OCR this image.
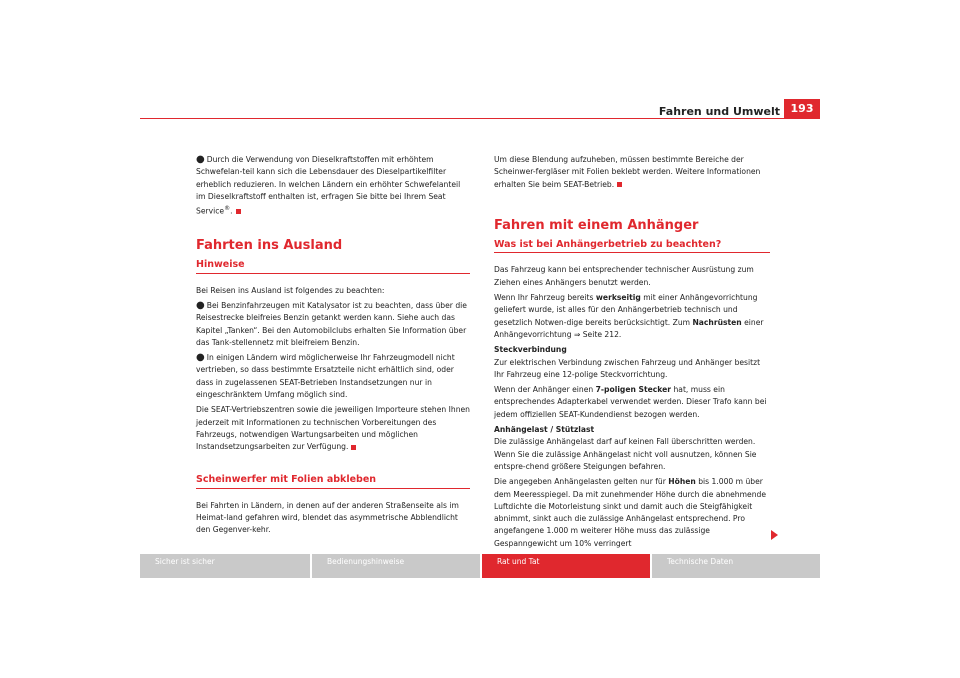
Fahren und Umwelt 193

● Durch die Verwendung von Dieselkraftstoffen mit erhöhtem Schwefelan-teil kann sich die Lebensdauer des Dieselpartikelfilter erheblich reduzieren. In welchen Ländern ein erhöhter Schwefelanteil im Dieselkraftstoff enthalten ist, erfragen Sie bitte bei Ihrem Seat Service®.

Fahrten ins Ausland
Hinweise

Bei Reisen ins Ausland ist folgendes zu beachten:

● Bei Benzinfahrzeugen mit Katalysator ist zu beachten, dass über die Reisestrecke bleifreies Benzin getankt werden kann. Siehe auch das Kapitel „Tanken“. Bei den Automobilclubs erhalten Sie Information über das Tank-stellennetz mit bleifreiem Benzin.

● In einigen Ländern wird möglicherweise Ihr Fahrzeugmodell nicht vertrieben, so dass bestimmte Ersatzteile nicht erhältlich sind, oder dass in zugelassenen SEAT-Betrieben Instandsetzungen nur in eingeschränktem Umfang möglich sind.

Die SEAT-Vertriebszentren sowie die jeweiligen Importeure stehen Ihnen jederzeit mit Informationen zu technischen Vorbereitungen des Fahrzeugs, notwendigen Wartungsarbeiten und möglichen Instandsetzungsarbeiten zur Verfügung.

Scheinwerfer mit Folien abkleben

Bei Fahrten in Ländern, in denen auf der anderen Straßenseite als im Heimat-land gefahren wird, blendet das asymmetrische Abblendlicht den Gegenver-kehr.

Um diese Blendung aufzuheben, müssen bestimmte Bereiche der Scheinwer-fergläser mit Folien beklebt werden. Weitere Informationen erhalten Sie beim SEAT-Betrieb.

Fahren mit einem Anhänger
Was ist bei Anhängerbetrieb zu beachten?

Das Fahrzeug kann bei entsprechender technischer Ausrüstung zum Ziehen eines Anhängers benutzt werden.

Wenn Ihr Fahrzeug bereits werkseitig mit einer Anhängevorrichtung geliefert wurde, ist alles für den Anhängerbetrieb technisch und gesetzlich Notwen-dige bereits berücksichtigt. Zum Nachrüsten einer Anhängevorrichtung ⇒ Seite 212.

Steckverbindung

Zur elektrischen Verbindung zwischen Fahrzeug und Anhänger besitzt Ihr Fahrzeug eine 12-polige Steckvorrichtung.

Wenn der Anhänger einen 7-poligen Stecker hat, muss ein entsprechendes Adapterkabel verwendet werden. Dieser Trafo kann bei jedem offiziellen SEAT-Kundendienst bezogen werden.

Anhängelast / Stützlast

Die zulässige Anhängelast darf auf keinen Fall überschritten werden. Wenn Sie die zulässige Anhängelast nicht voll ausnutzen, können Sie entspre-chend größere Steigungen befahren.

Die angegeben Anhängelasten gelten nur für Höhen bis 1.000 m über dem Meeresspiegel. Da mit zunehmender Höhe durch die abnehmende Luftdichte die Motorleistung sinkt und damit auch die Steigfähigkeit abnimmt, sinkt auch die zulässige Anhängelast entsprechend. Pro angefangene 1.000 m weiterer Höhe muss das zulässige Gespanngewicht um 10% verringert

Sicher ist sicher	Bedienungshinweise	Rat und Tat	Technische Daten
